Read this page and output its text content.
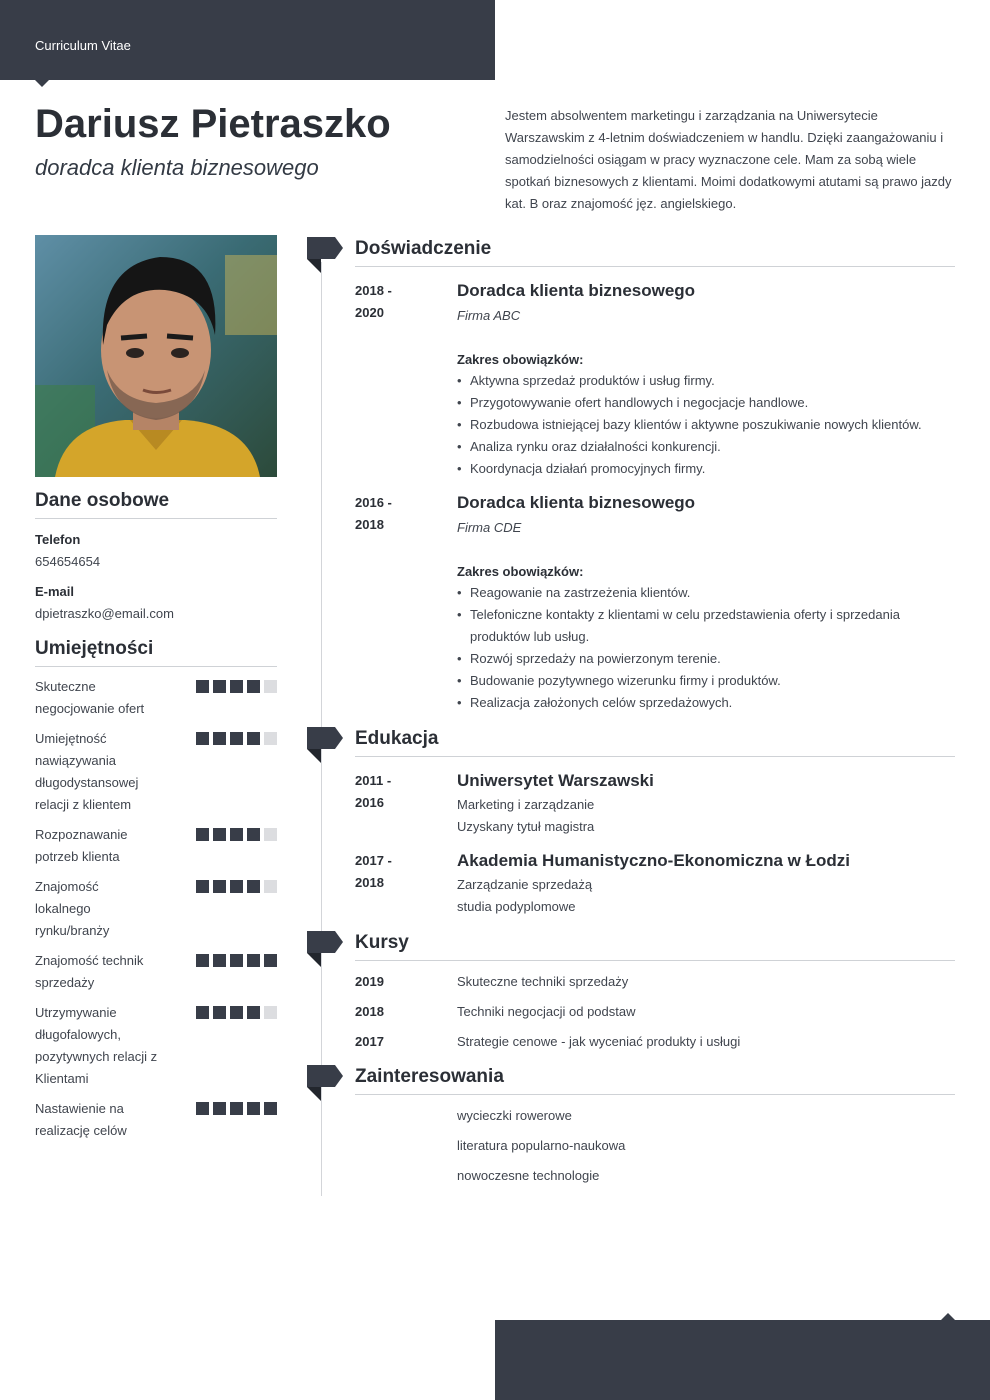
Curriculum Vitae
Dariusz Pietraszko
doradca klienta biznesowego
Jestem absolwentem marketingu i zarządzania na Uniwersytecie Warszawskim z 4-letnim doświadczeniem w handlu. Dzięki zaangażowaniu i samodzielności osiągam w pracy wyznaczone cele. Mam za sobą wiele spotkań biznesowych z klientami. Moimi dodatkowymi atutami są prawo jazdy kat. B oraz znajomość jęz. angielskiego.
Dane osobowe
Telefon
654654654
E-mail
dpietraszko@email.com
Umiejętności
Skuteczne negocjowanie ofert
Umiejętność nawiązywania długodystansowej relacji z klientem
Rozpoznawanie potrzeb klienta
Znajomość lokalnego rynku/branży
Znajomość technik sprzedaży
Utrzymywanie długofalowych, pozytywnych relacji z Klientami
Nastawienie na realizację celów
Doświadczenie
2018 -
2020
Doradca klienta biznesowego
Firma ABC
Zakres obowiązków:
• Aktywna sprzedaż produktów i usług firmy.
• Przygotowywanie ofert handlowych i negocjacje handlowe.
• Rozbudowa istniejącej bazy klientów i aktywne poszukiwanie nowych klientów.
• Analiza rynku oraz działalności konkurencji.
• Koordynacja działań promocyjnych firmy.
2016 -
2018
Doradca klienta biznesowego
Firma CDE
Zakres obowiązków:
• Reagowanie na zastrzeżenia klientów.
• Telefoniczne kontakty z klientami w celu przedstawienia oferty i sprzedania produktów lub usług.
• Rozwój sprzedaży na powierzonym terenie.
• Budowanie pozytywnego wizerunku firmy i produktów.
• Realizacja założonych celów sprzedażowych.
Edukacja
2011 -
2016
Uniwersytet Warszawski
Marketing i zarządzanie
Uzyskany tytuł magistra
2017 -
2018
Akademia Humanistyczno-Ekonomiczna w Łodzi
Zarządzanie sprzedażą
studia podyplomowe
Kursy
2019	Skuteczne techniki sprzedaży
2018	Techniki negocjacji od podstaw
2017	Strategie cenowe - jak wyceniać produkty i usługi
Zainteresowania
wycieczki rowerowe
literatura popularno-naukowa
nowoczesne technologie
